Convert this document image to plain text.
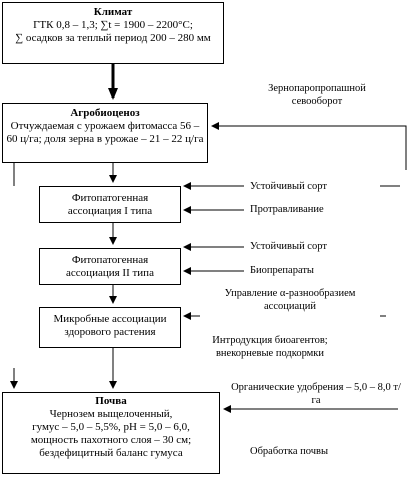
Климат
ГТК 0,8 – 1,3; ∑t = 1900 – 2200°C;
∑ осадков за теплый период 200 – 280 мм
Агробиоценоз
Отчуждаемая с урожаем фитомасса 56 – 60 ц/га; доля зерна в урожае – 21 – 22 ц/га
Фитопатогенная ассоциация I типа
Фитопатогенная ассоциация II типа
Микробные ассоциации здорового растения
Почва
Чернозем выщелоченный,
гумус – 5,0 – 5,5%, pH = 5,0 – 6,0,
мощность пахотного слоя – 30 см;
бездефицитный баланс гумуса
Зернопаропропашной севооборот
Устойчивый сорт
Протравливание
Устойчивый сорт
Биопрепараты
Управление α-разнообразием ассоциаций
Интродукция биоагентов; внекорневые подкормки
Органические удобрения – 5,0 – 8,0 т/га
Обработка почвы
